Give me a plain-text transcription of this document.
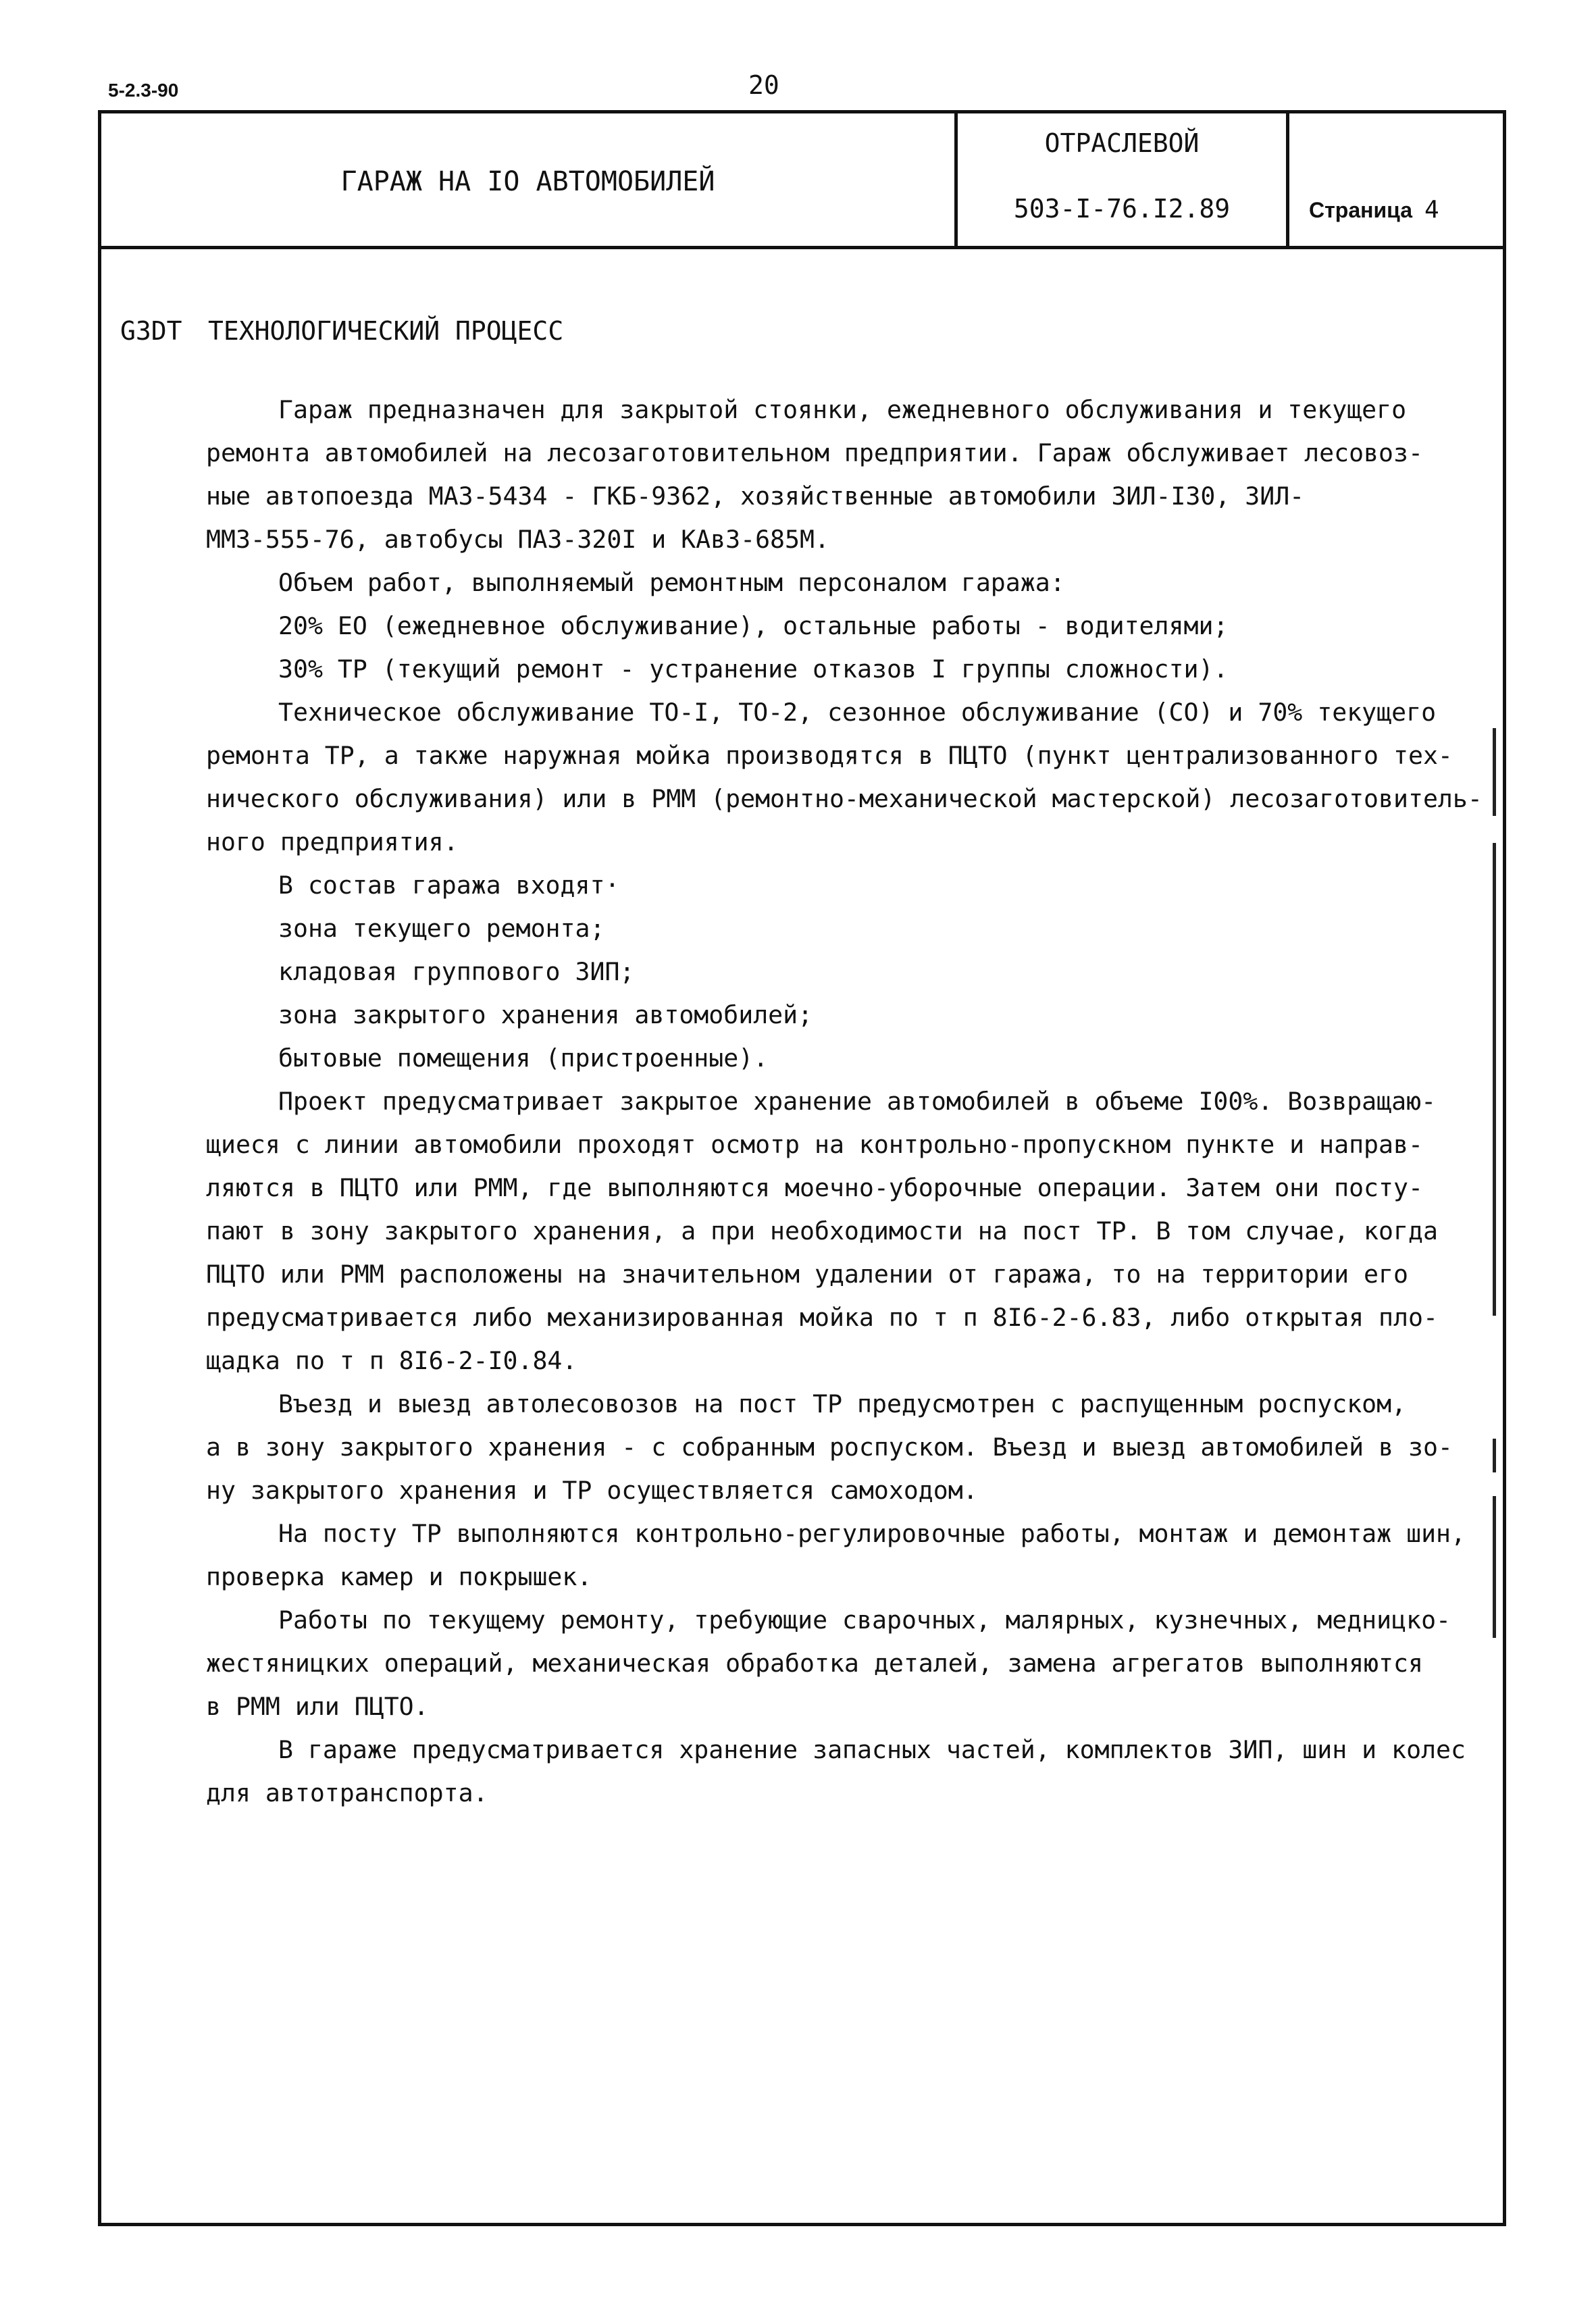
5-2.3-90	20
ГАРАЖ НА IO АВТОМОБИЛЕЙ
ОТРАСЛЕВОЙ
503-I-76.I2.89	Страница 4
G3DT ТЕХНОЛОГИЧЕСКИЙ ПРОЦЕСС
Гараж предназначен для закрытой стоянки, ежедневного обслуживания и текущего
ремонта автомобилей на лесозаготовительном предприятии. Гараж обслуживает лесовоз-
ные автопоезда МАЗ-5434 - ГКБ-9362, хозяйственные автомобили ЗИЛ-I30, ЗИЛ-
ММЗ-555-76, автобусы ПАЗ-320I и КАвЗ-685М.
Объем работ, выполняемый ремонтным персоналом гаража:
20% ЕО (ежедневное обслуживание), остальные работы - водителями;
30% ТР (текущий ремонт - устранение отказов I группы сложности).
Техническое обслуживание ТО-I, ТО-2, сезонное обслуживание (СО) и 70% текущего
ремонта ТР, а также наружная мойка производятся в ПЦТО (пункт централизованного тех-
нического обслуживания) или в РММ (ремонтно-механической мастерской) лесозаготовитель-
ного предприятия.
В состав гаража входят·
зона текущего ремонта;
кладовая группового ЗИП;
зона закрытого хранения автомобилей;
бытовые помещения (пристроенные).
Проект предусматривает закрытое хранение автомобилей в объеме I00%. Возвращаю-
щиеся с линии автомобили проходят осмотр на контрольно-пропускном пункте и направ-
ляются в ПЦТО или РММ, где выполняются моечно-уборочные операции. Затем они посту-
пают в зону закрытого хранения, а при необходимости на пост ТР. В том случае, когда
ПЦТО или РММ расположены на значительном удалении от гаража, то на территории его
предусматривается либо механизированная мойка по т п 8I6-2-6.83, либо открытая пло-
щадка по т п 8I6-2-I0.84.
Въезд и выезд автолесовозов на пост ТР предусмотрен с распущенным роспуском,
а в зону закрытого хранения - с собранным роспуском. Въезд и выезд автомобилей в зо-
ну закрытого хранения и ТР осуществляется самоходом.
На посту ТР выполняются контрольно-регулировочные работы, монтаж и демонтаж шин,
проверка камер и покрышек.
Работы по текущему ремонту, требующие сварочных, малярных, кузнечных, медницко-
жестяницких операций, механическая обработка деталей, замена агрегатов выполняются
в РММ или ПЦТО.
В гараже предусматривается хранение запасных частей, комплектов ЗИП, шин и колес
для автотранспорта.
